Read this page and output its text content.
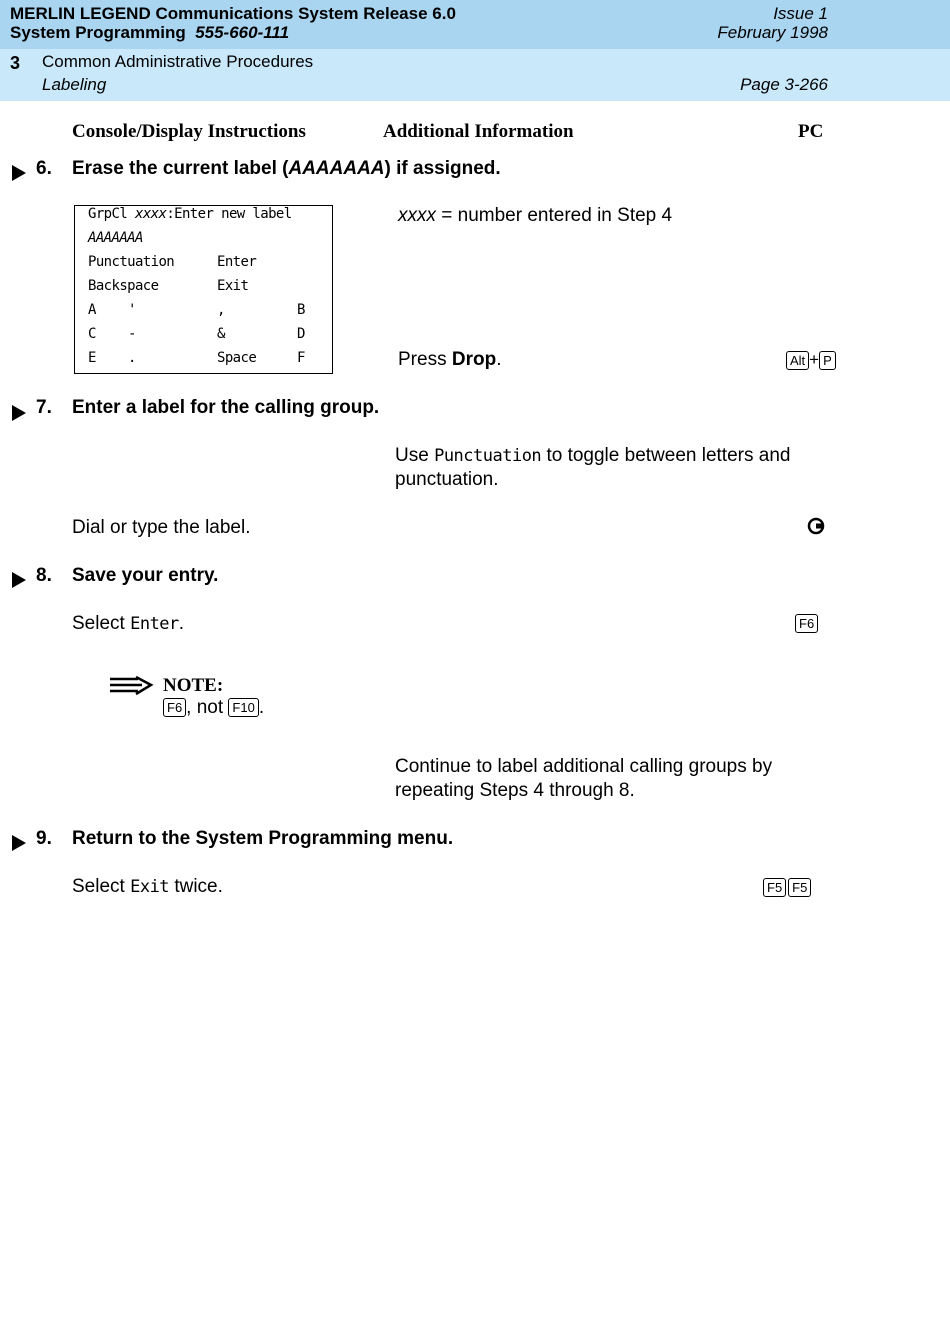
MERLIN LEGEND Communications System Release 6.0
System Programming 555-660-111
Issue 1
February 1998
3 Common Administrative Procedures
Labeling	Page 3-266
Console/Display Instructions	Additional Information	PC
6. Erase the current label (AAAAAAA) if assigned.
GrpCl xxxx:Enter new label
AAAAAAA
Punctuation	Enter
Backspace	Exit
A '	,	B
C -	&	D
E .	Space	F
xxxx = number entered in Step 4
Press Drop.	Alt + P
7. Enter a label for the calling group.
Use Punctuation to toggle between letters and
punctuation.
Dial or type the label.
8. Save your entry.
Select Enter.	F6
NOTE:
F6 , not F10 .
Continue to label additional calling groups by
repeating Steps 4 through 8.
9. Return to the System Programming menu.
Select Exit twice.	F5 F5
